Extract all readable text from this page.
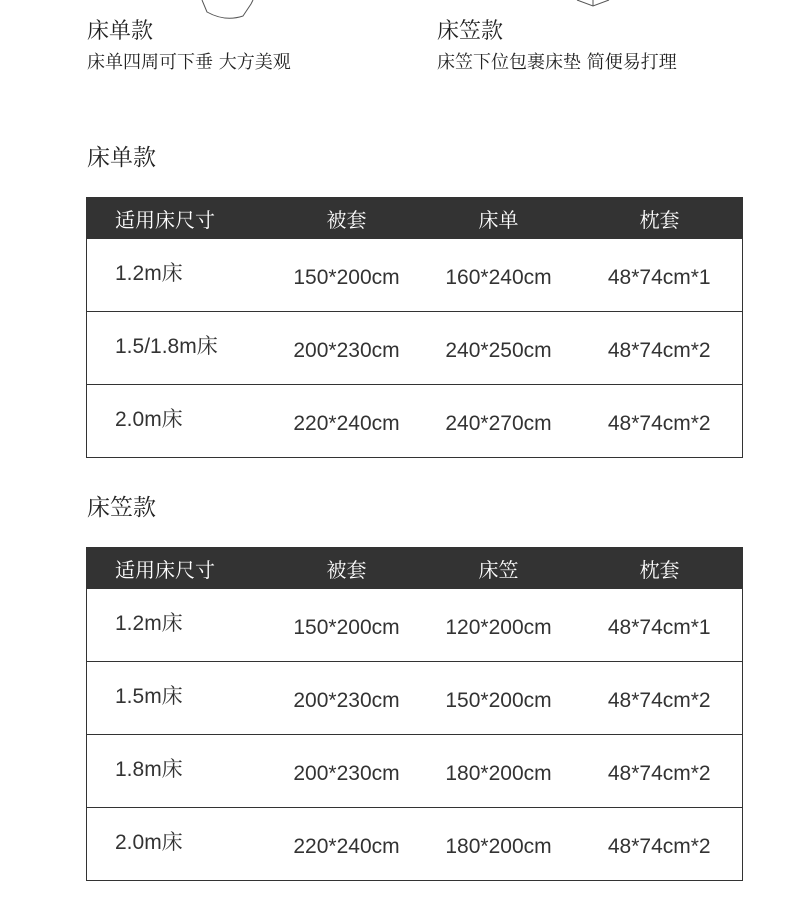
床单款
床单四周可下垂 大方美观
床笠款
床笠下位包裹床垫 简便易打理
床单款
适用床尺寸	被套	床单	枕套
1.2m床	150*200cm	160*240cm	48*74cm*1
1.5/1.8m床	200*230cm	240*250cm	48*74cm*2
2.0m床	220*240cm	240*270cm	48*74cm*2
床笠款
适用床尺寸	被套	床笠	枕套
1.2m床	150*200cm	120*200cm	48*74cm*1
1.5m床	200*230cm	150*200cm	48*74cm*2
1.8m床	200*230cm	180*200cm	48*74cm*2
2.0m床	220*240cm	180*200cm	48*74cm*2
